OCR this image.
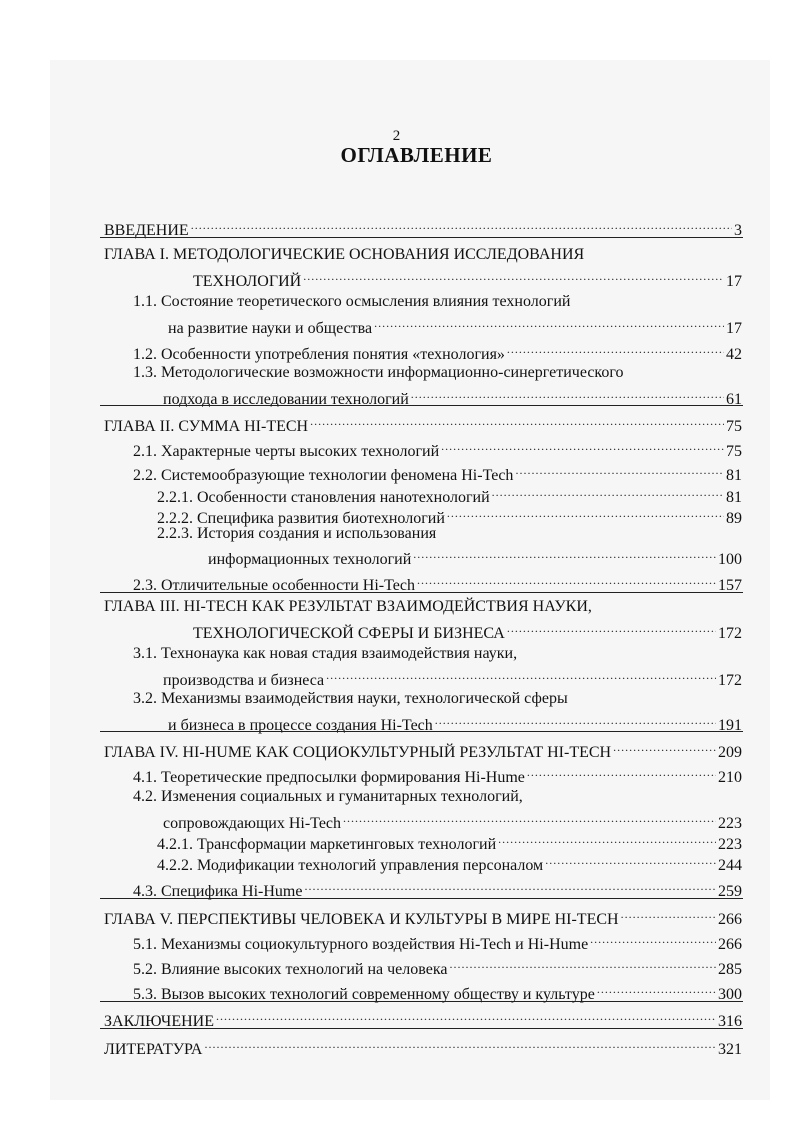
2
ОГЛАВЛЕНИЕ
ВВЕДЕНИЕ .....	3
ГЛАВА I. МЕТОДОЛОГИЧЕСКИЕ ОСНОВАНИЯ ИССЛЕДОВАНИЯ
ТЕХНОЛОГИЙ .....	17
1.1. Состояние теоретического осмысления влияния технологий
на развитие науки и общества .....	17
1.2. Особенности употребления понятия «технология» .....	42
1.3. Методологические возможности информационно-синергетического
подхода в исследовании технологий .....	61
ГЛАВА II. СУММА HI-TECH .....	75
2.1. Характерные черты высоких технологий .....	75
2.2. Системообразующие технологии феномена Hi-Tech .....	81
2.2.1. Особенности становления нанотехнологий .....	81
2.2.2. Специфика развития биотехнологий .....	89
2.2.3. История создания и использования
информационных технологий .....	100
2.3. Отличительные особенности Hi-Tech .....	157
ГЛАВА III. HI-TECH КАК РЕЗУЛЬТАТ ВЗАИМОДЕЙСТВИЯ НАУКИ,
ТЕХНОЛОГИЧЕСКОЙ СФЕРЫ И БИЗНЕСА .....	172
3.1. Технонаука как новая стадия взаимодействия науки,
производства и бизнеса .....	172
3.2. Механизмы взаимодействия науки, технологической сферы
и бизнеса в процессе создания Hi-Tech .....	191
ГЛАВА IV. HI-HUME КАК СОЦИОКУЛЬТУРНЫЙ РЕЗУЛЬТАТ HI-TECH .....	209
4.1. Теоретические предпосылки формирования Hi-Hume .....	210
4.2. Изменения социальных и гуманитарных технологий,
сопровождающих Hi-Tech .....	223
4.2.1. Трансформации маркетинговых технологий .....	223
4.2.2. Модификации технологий управления персоналом .....	244
4.3. Специфика Hi-Hume .....	259
ГЛАВА V. ПЕРСПЕКТИВЫ ЧЕЛОВЕКА И КУЛЬТУРЫ В МИРЕ HI-TECH .....	266
5.1. Механизмы социокультурного воздействия Hi-Tech и Hi-Hume .....	266
5.2. Влияние высоких технологий на человека .....	285
5.3. Вызов высоких технологий современному обществу и культуре .....	300
ЗАКЛЮЧЕНИЕ .....	316
ЛИТЕРАТУРА .....	321
